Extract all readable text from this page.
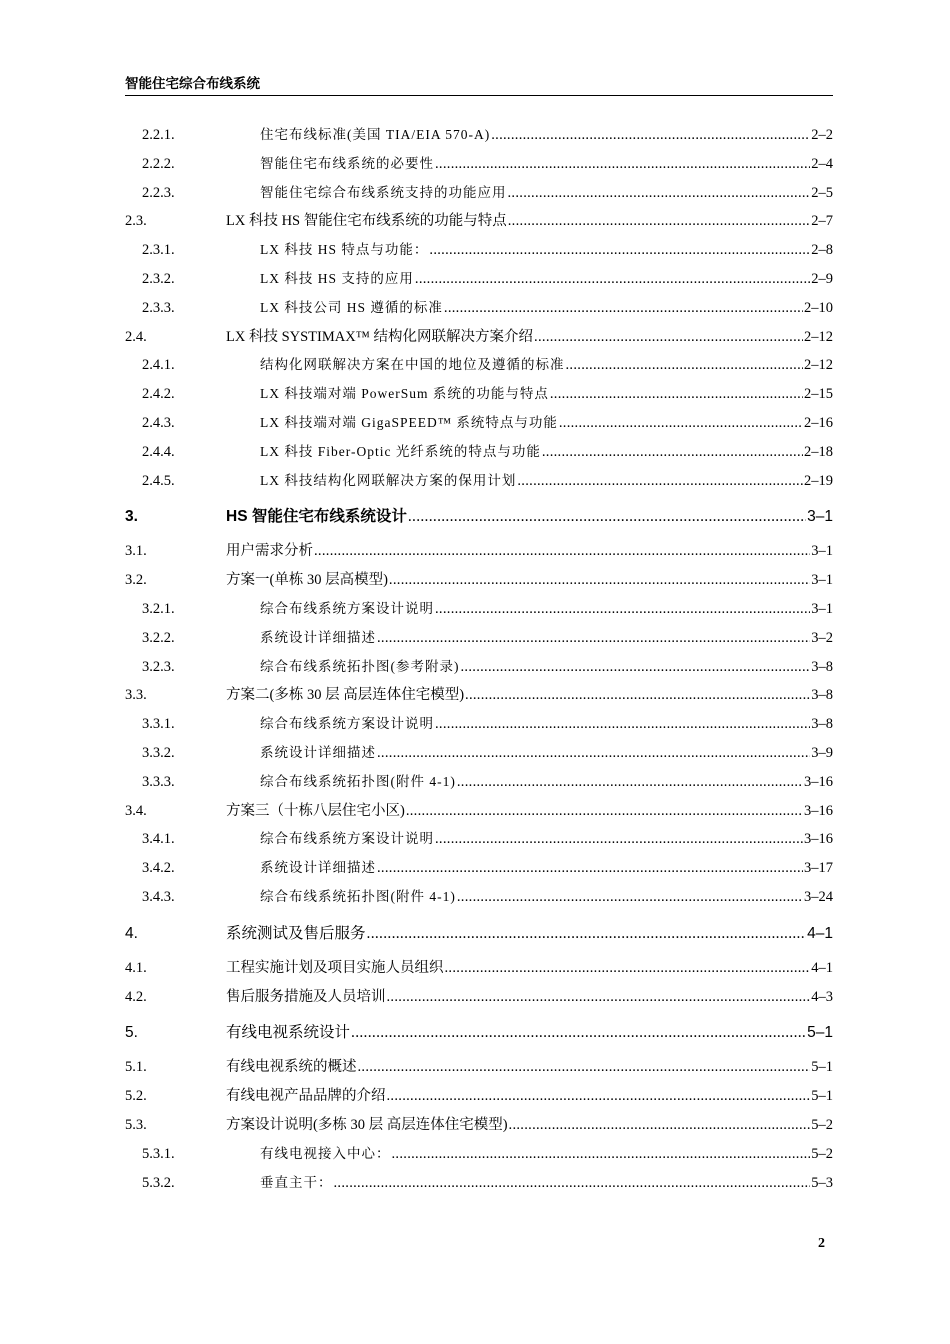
智能住宅综合布线系统
2.2.1.	住宅布线标准(美国 TIA/EIA 570-A) .....	2–2
2.2.2.	智能住宅布线系统的必要性 .....	2–4
2.2.3.	智能住宅综合布线系统支持的功能应用 .....	2–5
2.3.	LX 科技 HS 智能住宅布线系统的功能与特点 .....	2–7
2.3.1.	LX 科技 HS 特点与功能： .....	2–8
2.3.2.	LX 科技 HS 支持的应用 .....	2–9
2.3.3.	LX 科技公司 HS 遵循的标准 .....	2–10
2.4.	LX 科技 SYSTIMAX™ 结构化网联解决方案介绍 .....	2–12
2.4.1.	结构化网联解决方案在中国的地位及遵循的标准 .....	2–12
2.4.2.	LX 科技端对端 PowerSum 系统的功能与特点 .....	2–15
2.4.3.	LX 科技端对端 GigaSPEED™ 系统特点与功能 .....	2–16
2.4.4.	LX 科技 Fiber-Optic 光纤系统的特点与功能 .....	2–18
2.4.5.	LX 科技结构化网联解决方案的保用计划 .....	2–19
3.	HS 智能住宅布线系统设计 .....	3–1
3.1.	用户需求分析 .....	3–1
3.2.	方案一(单栋 30 层高模型) .....	3–1
3.2.1.	综合布线系统方案设计说明 .....	3–1
3.2.2.	系统设计详细描述 .....	3–2
3.2.3.	综合布线系统拓扑图(参考附录) .....	3–8
3.3.	方案二(多栋 30 层 高层连体住宅模型) .....	3–8
3.3.1.	综合布线系统方案设计说明 .....	3–8
3.3.2.	系统设计详细描述 .....	3–9
3.3.3.	综合布线系统拓扑图(附件 4-1) .....	3–16
3.4.	方案三（十栋八层住宅小区) .....	3–16
3.4.1.	综合布线系统方案设计说明 .....	3–16
3.4.2.	系统设计详细描述 .....	3–17
3.4.3.	综合布线系统拓扑图(附件 4-1) .....	3–24
4.	系统测试及售后服务 .....	4–1
4.1.	工程实施计划及项目实施人员组织 .....	4–1
4.2.	售后服务措施及人员培训 .....	4–3
5.	有线电视系统设计 .....	5–1
5.1.	有线电视系统的概述 .....	5–1
5.2.	有线电视产品品牌的介绍 .....	5–1
5.3.	方案设计说明(多栋 30 层 高层连体住宅模型) .....	5–2
5.3.1.	有线电视接入中心： .....	5–2
5.3.2.	垂直主干： .....	5–3
2
